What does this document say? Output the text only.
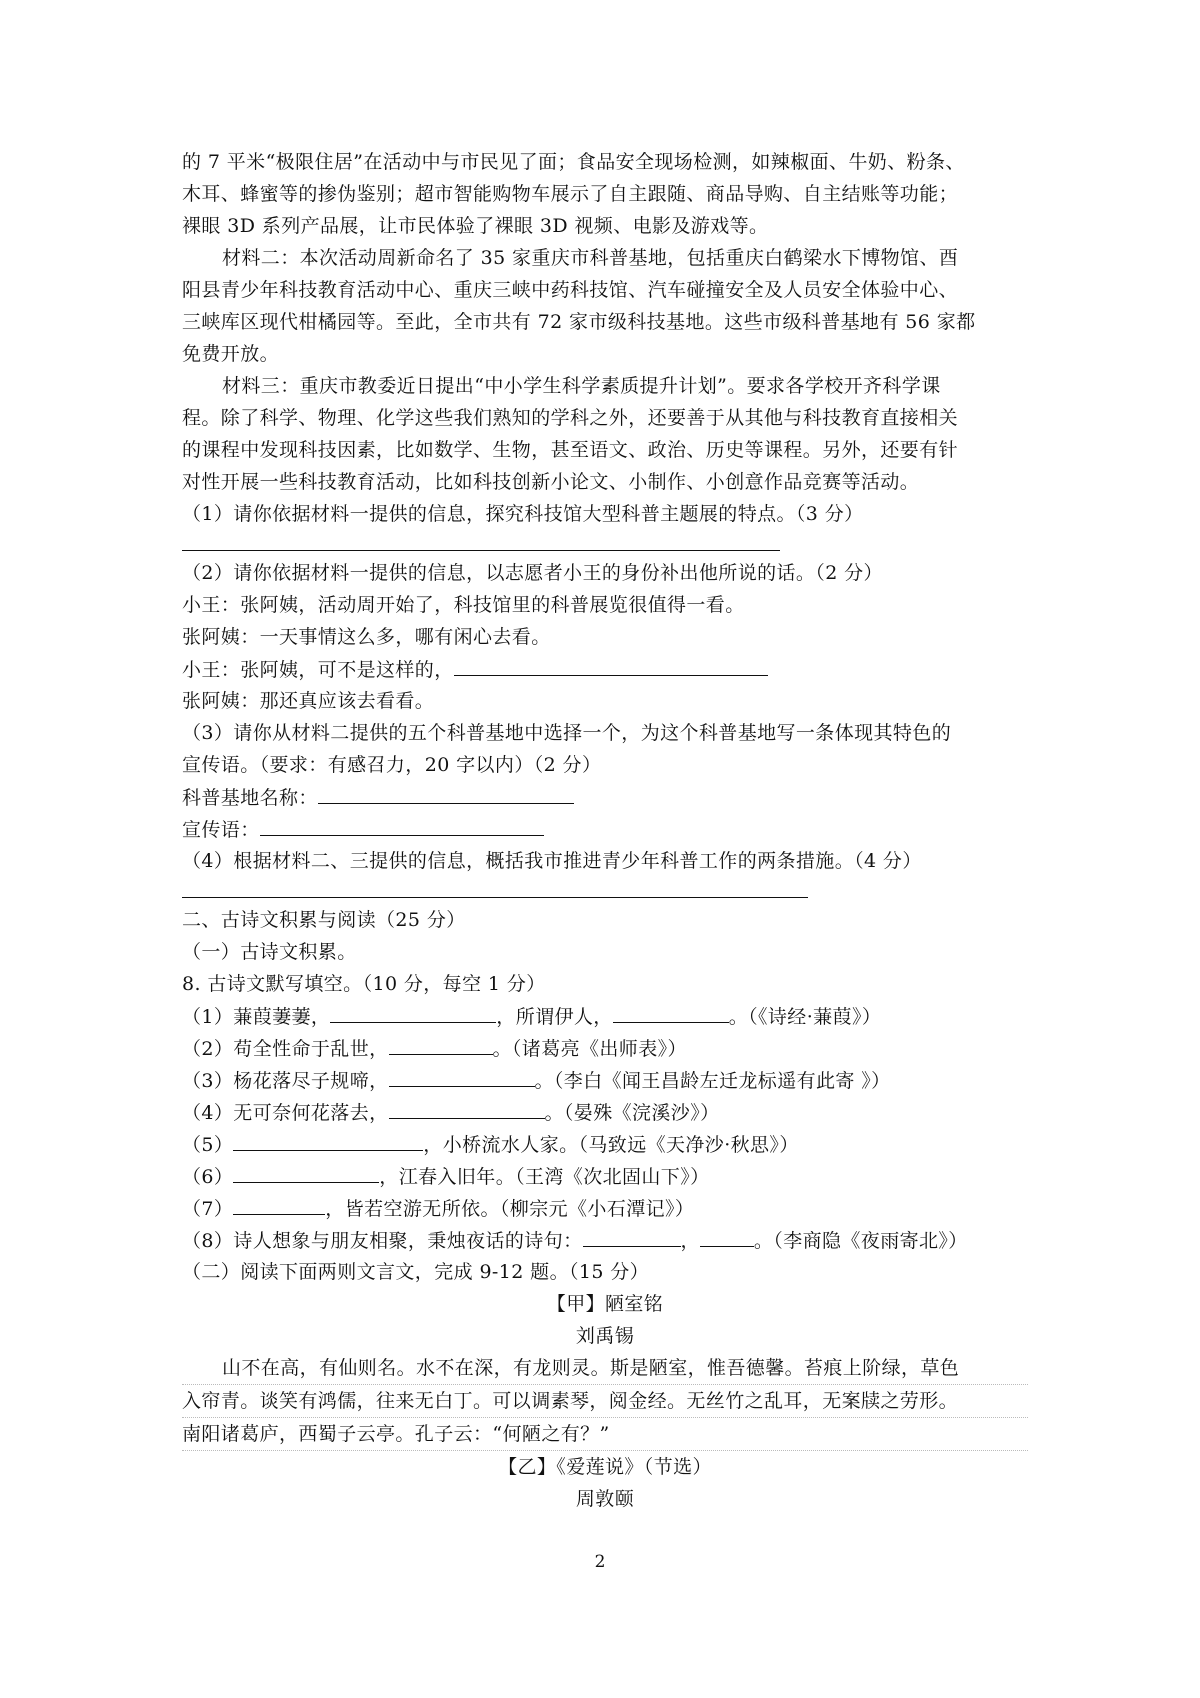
的 7 平米“极限住居”在活动中与市民见了面；食品安全现场检测，如辣椒面、牛奶、粉条、
木耳、蜂蜜等的掺伪鉴别；超市智能购物车展示了自主跟随、商品导购、自主结账等功能；
裸眼 3D 系列产品展，让市民体验了裸眼 3D 视频、电影及游戏等。
材料二：本次活动周新命名了 35 家重庆市科普基地，包括重庆白鹤梁水下博物馆、酉
阳县青少年科技教育活动中心、重庆三峡中药科技馆、汽车碰撞安全及人员安全体验中心、
三峡库区现代柑橘园等。至此，全市共有 72 家市级科技基地。这些市级科普基地有 56 家都
免费开放。
材料三：重庆市教委近日提出“中小学生科学素质提升计划”。要求各学校开齐科学课
程。除了科学、物理、化学这些我们熟知的学科之外，还要善于从其他与科技教育直接相关
的课程中发现科技因素，比如数学、生物，甚至语文、政治、历史等课程。另外，还要有针
对性开展一些科技教育活动，比如科技创新小论文、小制作、小创意作品竞赛等活动。
（1）请你依据材料一提供的信息，探究科技馆大型科普主题展的特点。（3 分）
（2）请你依据材料一提供的信息，以志愿者小王的身份补出他所说的话。（2 分）
小王：张阿姨，活动周开始了，科技馆里的科普展览很值得一看。
张阿姨：一天事情这么多，哪有闲心去看。
小王：张阿姨，可不是这样的，
张阿姨：那还真应该去看看。
（3）请你从材料二提供的五个科普基地中选择一个，为这个科普基地写一条体现其特色的
宣传语。（要求：有感召力，20 字以内）（2 分）
科普基地名称：
宣传语：
（4）根据材料二、三提供的信息，概括我市推进青少年科普工作的两条措施。（4 分）
二、古诗文积累与阅读（25 分）
（一）古诗文积累。
8. 古诗文默写填空。（10 分，每空 1 分）
（1）蒹葭萋萋，	，所谓伊人，	。（《诗经·蒹葭》）
（2）苟全性命于乱世，	。（诸葛亮《出师表》）
（3）杨花落尽子规啼，	。（李白《闻王昌龄左迁龙标遥有此寄 》）
（4）无可奈何花落去，	。（晏殊《浣溪沙》）
（5）	，小桥流水人家。（马致远《天净沙·秋思》）
（6）	，江春入旧年。（王湾《次北固山下》）
（7）	，皆若空游无所依。（柳宗元《小石潭记》）
（8）诗人想象与朋友相聚，秉烛夜话的诗句：	，	。（李商隐《夜雨寄北》）
（二）阅读下面两则文言文，完成 9-12 题。（15 分）
【甲】陋室铭
刘禹锡
山不在高，有仙则名。水不在深，有龙则灵。斯是陋室，惟吾德馨。苔痕上阶绿，草色
入帘青。谈笑有鸿儒，往来无白丁。可以调素琴，阅金经。无丝竹之乱耳，无案牍之劳形。
南阳诸葛庐，西蜀子云亭。孔子云：“何陋之有？”
【乙】《爱莲说》（节选）
周敦颐
2
